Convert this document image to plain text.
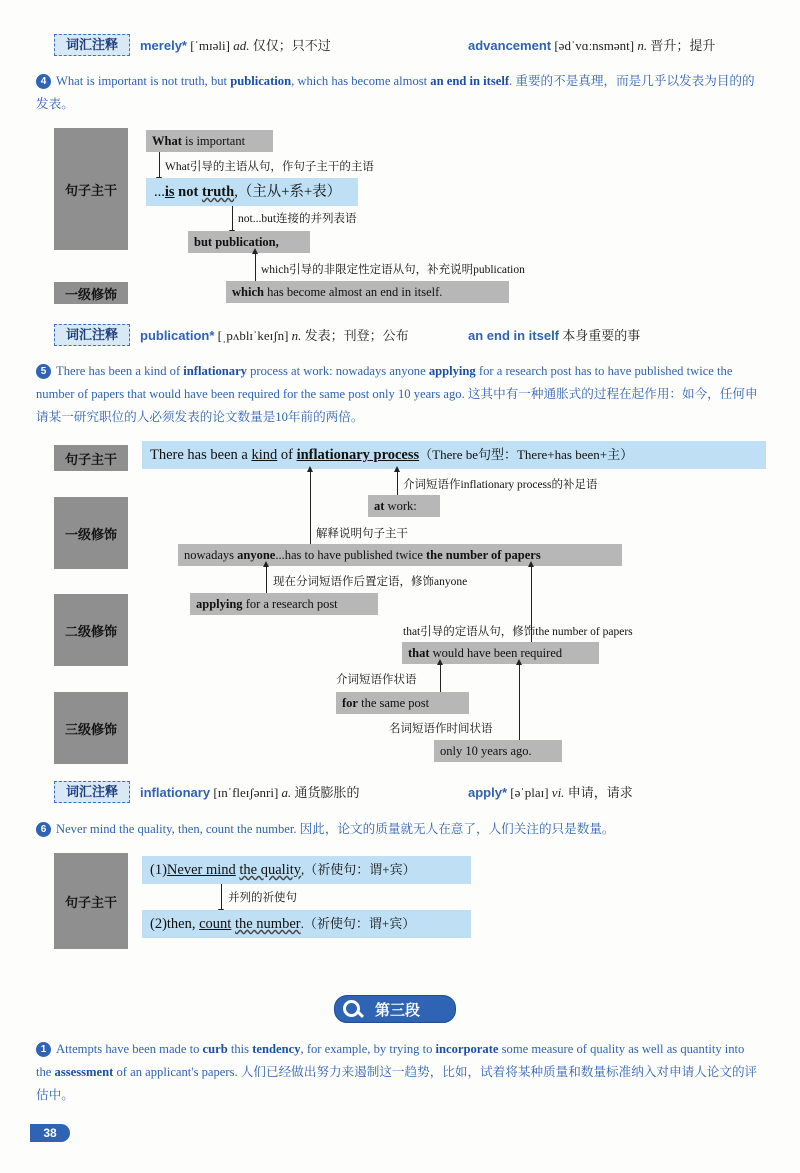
词汇注释	merely* [ˈmɪəli] ad. 仅仅；只不过	advancement [ədˈvɑːnsmənt] n. 晋升；提升
4 What is important is not truth, but publication, which has become almost an end in itself. 重要的不是真理，而是几乎以发表为目的的发表。
句子主干
一级修饰
What is important
What引导的主语从句，作句子主干的主语
...is not truth,（主从+系+表）
not...but连接的并列表语
but publication,
which引导的非限定性定语从句，补充说明publication
which has become almost an end in itself.
词汇注释	publication* [ˌpʌblɪˈkeɪʃn] n. 发表；刊登；公布	an end in itself 本身重要的事
5 There has been a kind of inflationary process at work: nowadays anyone applying for a research post has to have published twice the number of papers that would have been required for the same post only 10 years ago. 这其中有一种通胀式的过程在起作用：如今，任何申请某一研究职位的人必须发表的论文数量是10年前的两倍。
句子主干
一级修饰
二级修饰
三级修饰
There has been a kind of inflationary process（There be句型：There+has been+主）
介词短语作inflationary process的补足语
at work:
解释说明句子主干
nowadays anyone...has to have published twice the number of papers
现在分词短语作后置定语，修饰anyone
applying for a research post
that引导的定语从句，修饰the number of papers
that would have been required
介词短语作状语
for the same post
名词短语作时间状语
only 10 years ago.
词汇注释	inflationary [ɪnˈfleɪʃənri] a. 通货膨胀的	apply* [əˈplaɪ] vi. 申请，请求
6 Never mind the quality, then, count the number. 因此，论文的质量就无人在意了，人们关注的只是数量。
句子主干
(1)Never mind the quality,（祈使句：谓+宾）
并列的祈使句
(2)then, count the number.（祈使句：谓+宾）
第三段
1 Attempts have been made to curb this tendency, for example, by trying to incorporate some measure of quality as well as quantity into the assessment of an applicant's papers. 人们已经做出努力来遏制这一趋势，比如，试着将某种质量和数量标准纳入对申请人论文的评估中。
38
